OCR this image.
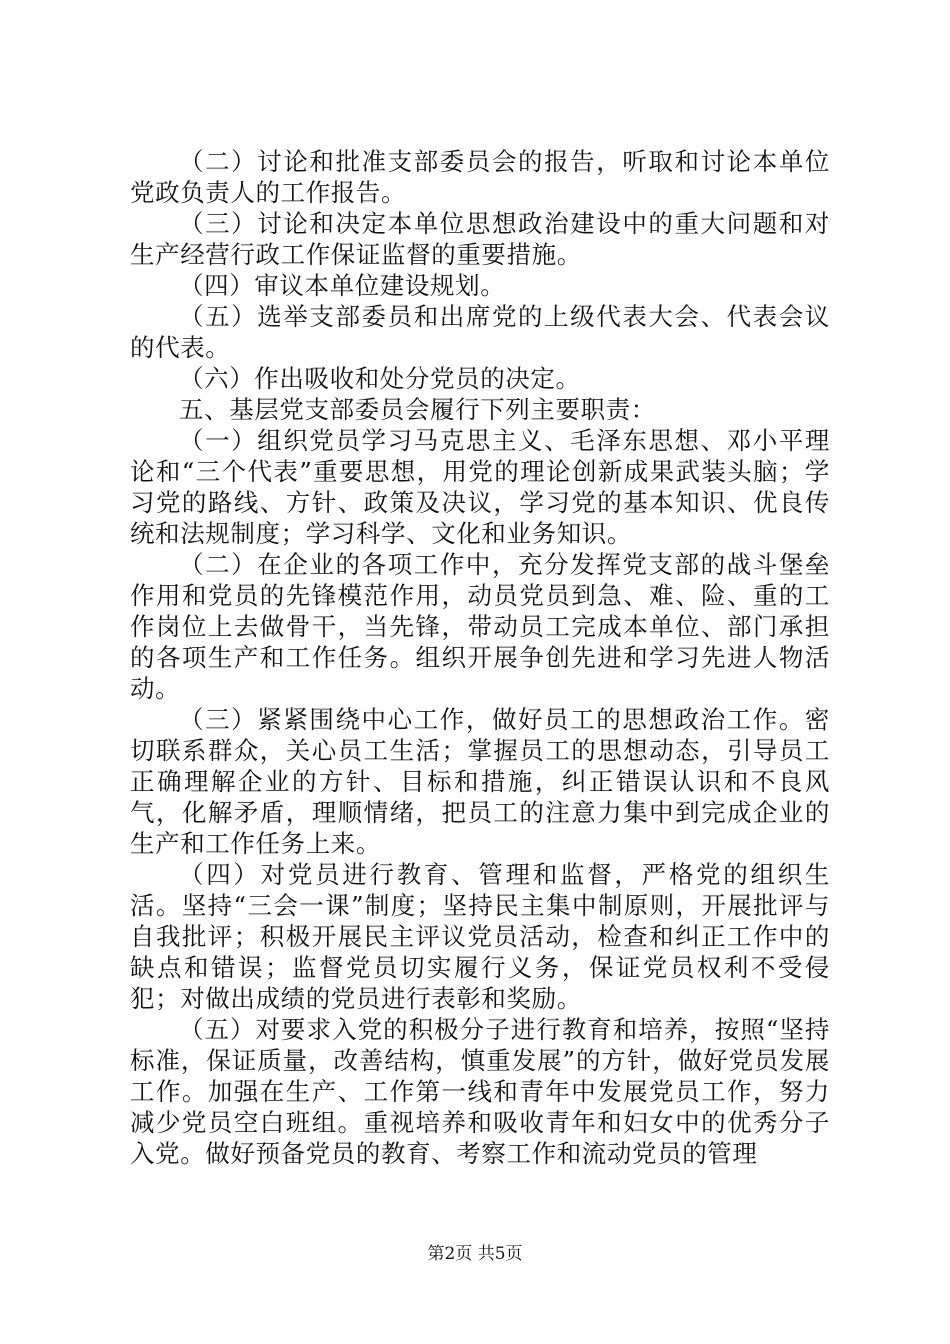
（二）讨论和批准支部委员会的报告，听取和讨论本单位党政负责人的工作报告。

（三）讨论和决定本单位思想政治建设中的重大问题和对生产经营行政工作保证监督的重要措施。

（四）审议本单位建设规划。

（五）选举支部委员和出席党的上级代表大会、代表会议的代表。

（六）作出吸收和处分党员的决定。

五、基层党支部委员会履行下列主要职责：

（一）组织党员学习马克思主义、毛泽东思想、邓小平理论和“三个代表”重要思想，用党的理论创新成果武装头脑；学习党的路线、方针、政策及决议，学习党的基本知识、优良传统和法规制度；学习科学、文化和业务知识。

（二）在企业的各项工作中，充分发挥党支部的战斗堡垒作用和党员的先锋模范作用，动员党员到急、难、险、重的工作岗位上去做骨干，当先锋，带动员工完成本单位、部门承担的各项生产和工作任务。组织开展争创先进和学习先进人物活动。

（三）紧紧围绕中心工作，做好员工的思想政治工作。密切联系群众，关心员工生活；掌握员工的思想动态，引导员工正确理解企业的方针、目标和措施，纠正错误认识和不良风气，化解矛盾，理顺情绪，把员工的注意力集中到完成企业的生产和工作任务上来。

（四）对党员进行教育、管理和监督，严格党的组织生活。坚持“三会一课”制度；坚持民主集中制原则，开展批评与自我批评；积极开展民主评议党员活动，检查和纠正工作中的缺点和错误；监督党员切实履行义务，保证党员权利不受侵犯；对做出成绩的党员进行表彰和奖励。

（五）对要求入党的积极分子进行教育和培养，按照“坚持标准，保证质量，改善结构，慎重发展”的方针，做好党员发展工作。加强在生产、工作第一线和青年中发展党员工作，努力减少党员空白班组。重视培养和吸收青年和妇女中的优秀分子入党。做好预备党员的教育、考察工作和流动党员的管理

第2页 共5页
